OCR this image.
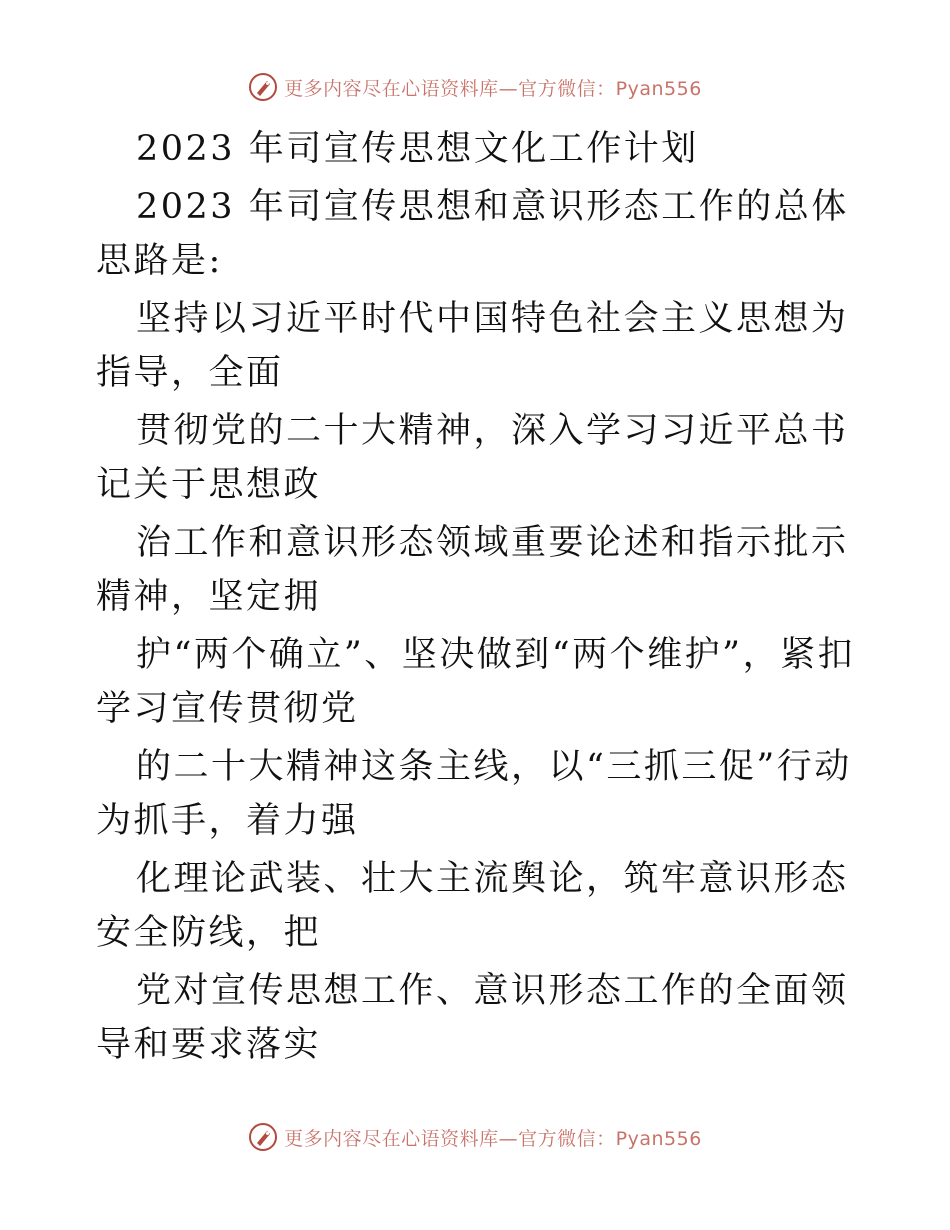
更多内容尽在心语资料库—官方微信：Pyan556

2023 年司宣传思想文化工作计划

2023 年司宣传思想和意识形态工作的总体思路是:

坚持以习近平时代中国特色社会主义思想为指导，全面

贯彻党的二十大精神，深入学习习近平总书记关于思想政

治工作和意识形态领域重要论述和指示批示精神，坚定拥

护“两个确立”、坚决做到“两个维护”，紧扣学习宣传贯彻党

的二十大精神这条主线，以“三抓三促”行动为抓手，着力强

化理论武装、壮大主流舆论，筑牢意识形态安全防线，把

党对宣传思想工作、意识形态工作的全面领导和要求落实

更多内容尽在心语资料库—官方微信：Pyan556
